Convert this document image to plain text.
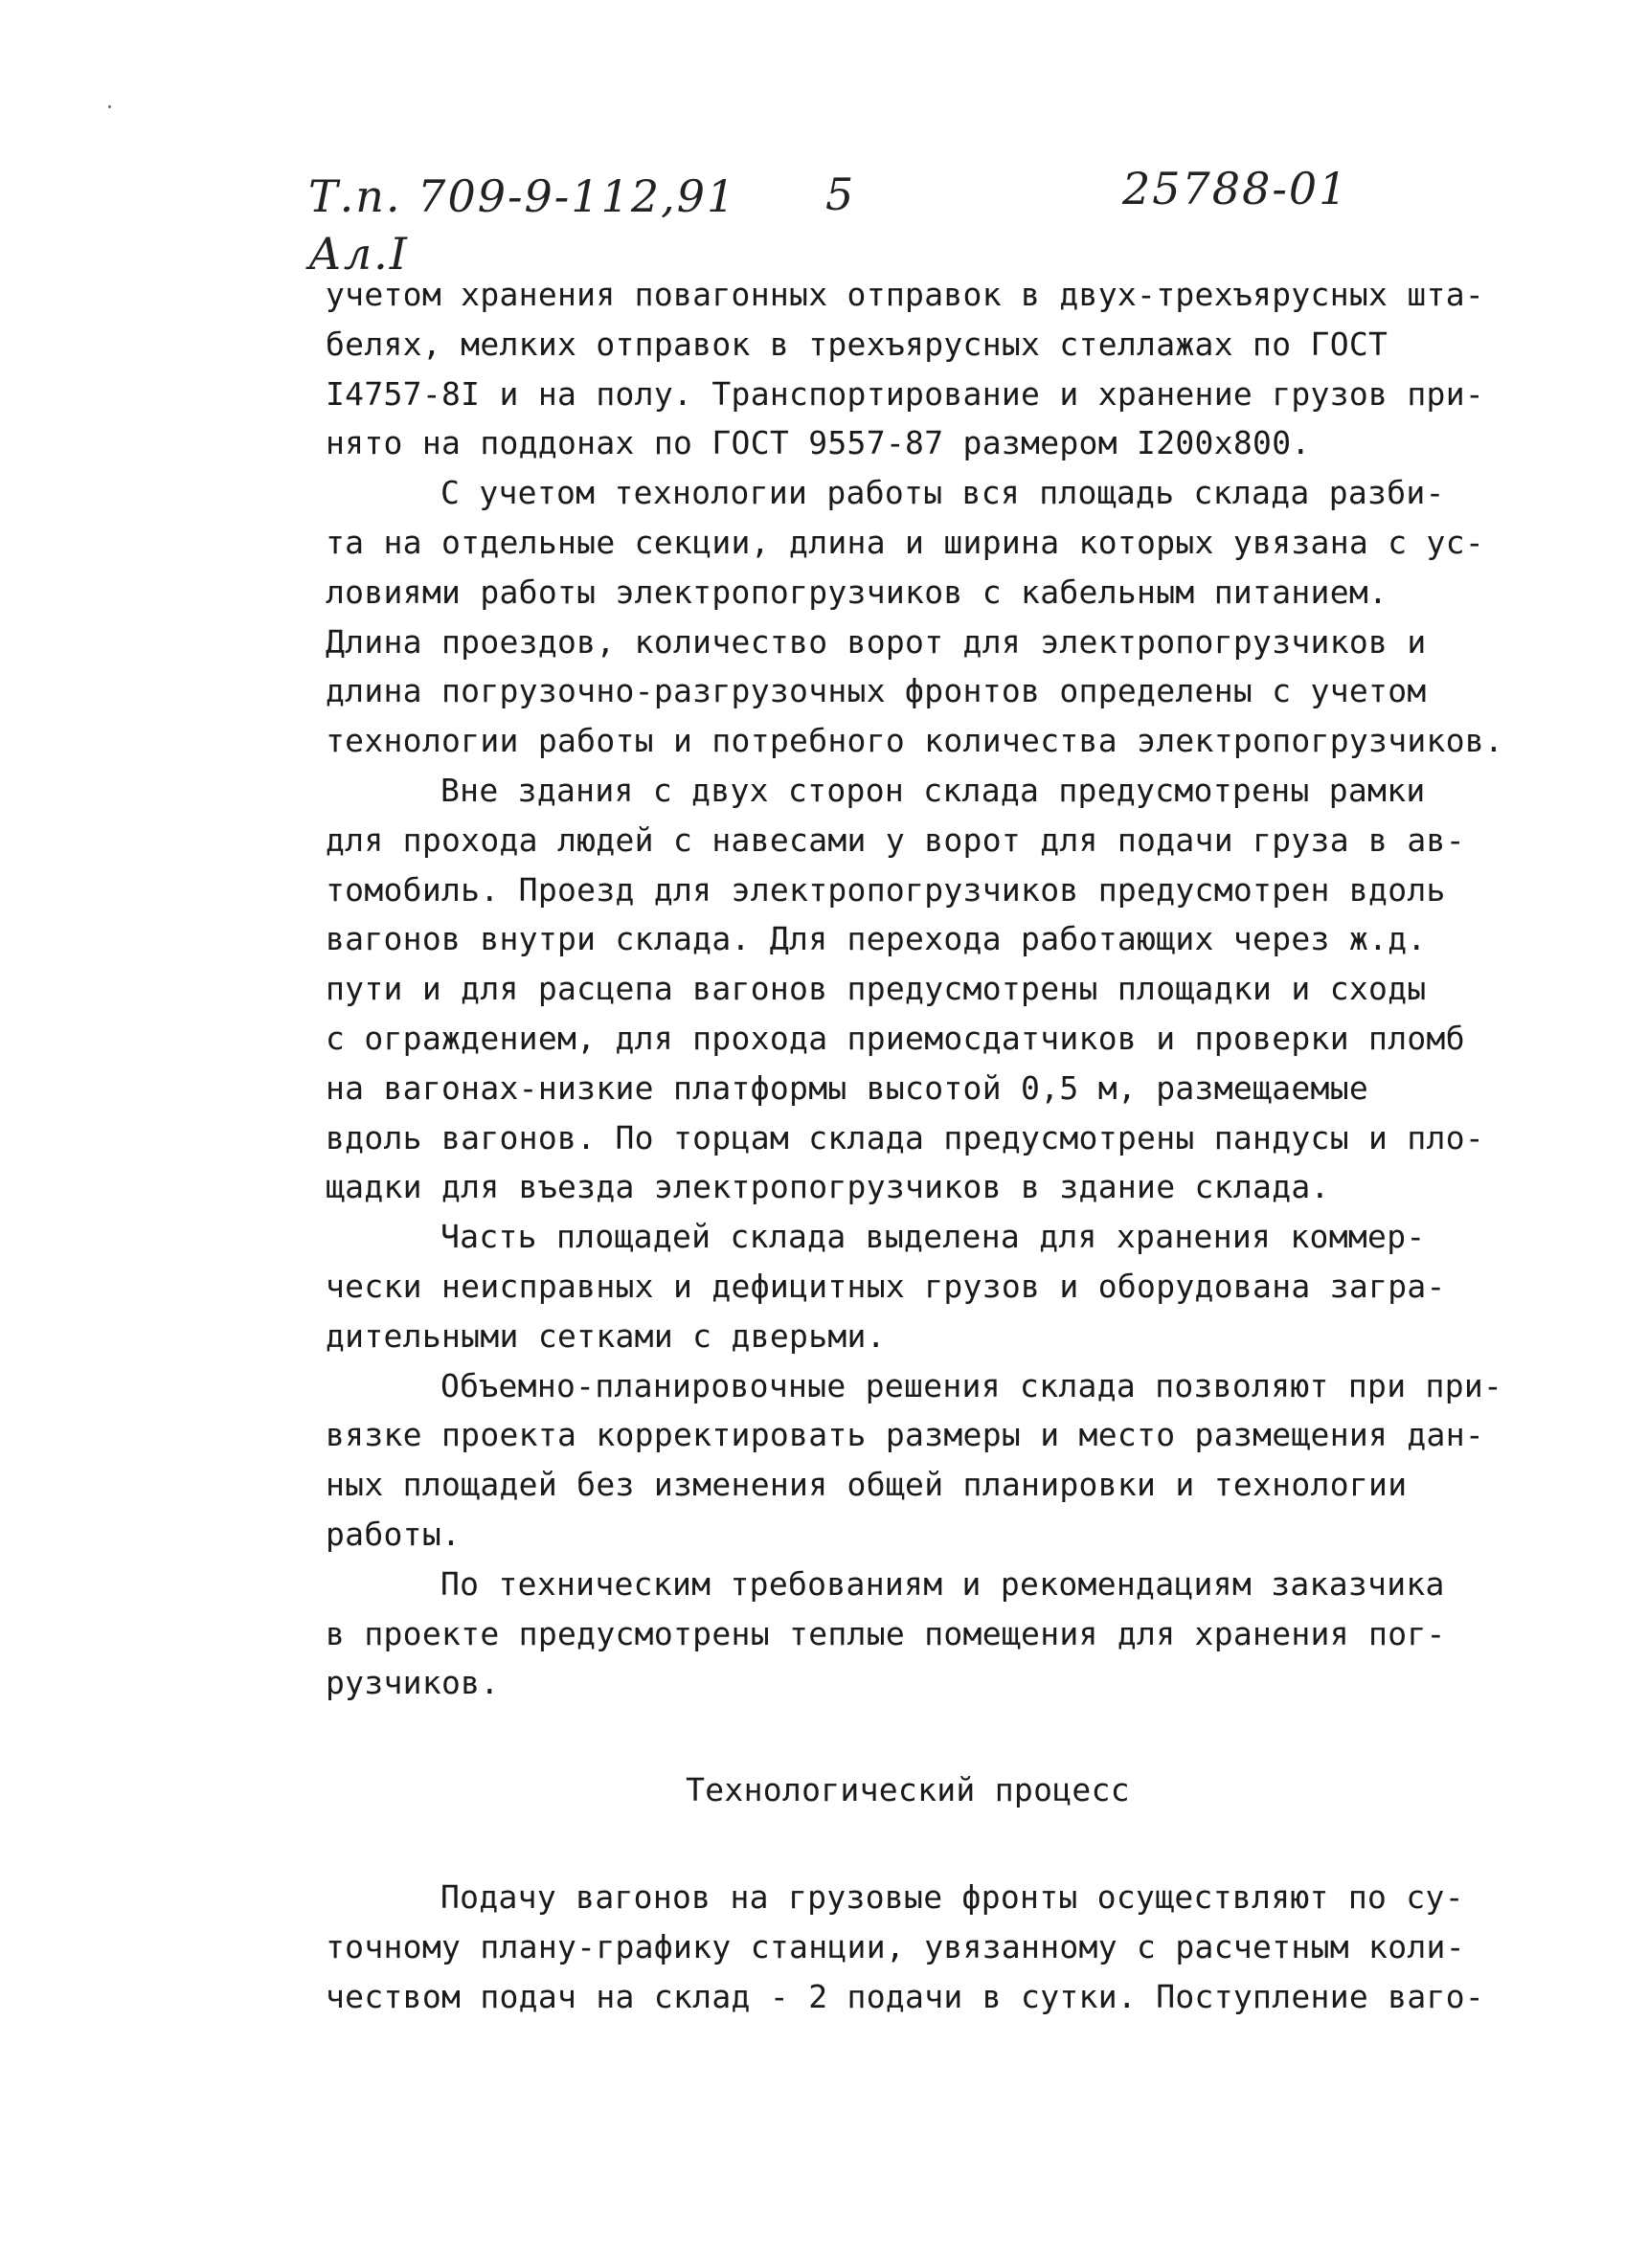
Т.п. 709-9-112,91
Ал.I
5	25788-01
учетом хранения повагонных отправок в двух-трехъярусных шта-
белях, мелких отправок в трехъярусных стеллажах по ГОСТ
I4757-8I и на полу. Транспортирование и хранение грузов при-
нято на поддонах по ГОСТ 9557-87 размером I200х800.
С учетом технологии работы вся площадь склада разби-
та на отдельные секции, длина и ширина которых увязана с ус-
ловиями работы электропогрузчиков с кабельным питанием.
Длина проездов, количество ворот для электропогрузчиков и
длина погрузочно-разгрузочных фронтов определены с учетом
технологии работы и потребного количества электропогрузчиков.
Вне здания с двух сторон склада предусмотрены рамки
для прохода людей с навесами у ворот для подачи груза в ав-
томобиль. Проезд для электропогрузчиков предусмотрен вдоль
вагонов внутри склада. Для перехода работающих через ж.д.
пути и для расцепа вагонов предусмотрены площадки и сходы
с ограждением, для прохода приемосдатчиков и проверки пломб
на вагонах-низкие платформы высотой 0,5 м, размещаемые
вдоль вагонов. По торцам склада предусмотрены пандусы и пло-
щадки для въезда электропогрузчиков в здание склада.
Часть площадей склада выделена для хранения коммер-
чески неисправных и дефицитных грузов и оборудована загра-
дительными сетками с дверьми.
Объемно-планировочные решения склада позволяют при при-
вязке проекта корректировать размеры и место размещения дан-
ных площадей без изменения общей планировки и технологии
работы.
По техническим требованиям и рекомендациям заказчика
в проекте предусмотрены теплые помещения для хранения пог-
рузчиков.
Технологический процесс
Подачу вагонов на грузовые фронты осуществляют по су-
точному плану-графику станции, увязанному с расчетным коли-
чеством подач на склад - 2 подачи в сутки. Поступление ваго-
